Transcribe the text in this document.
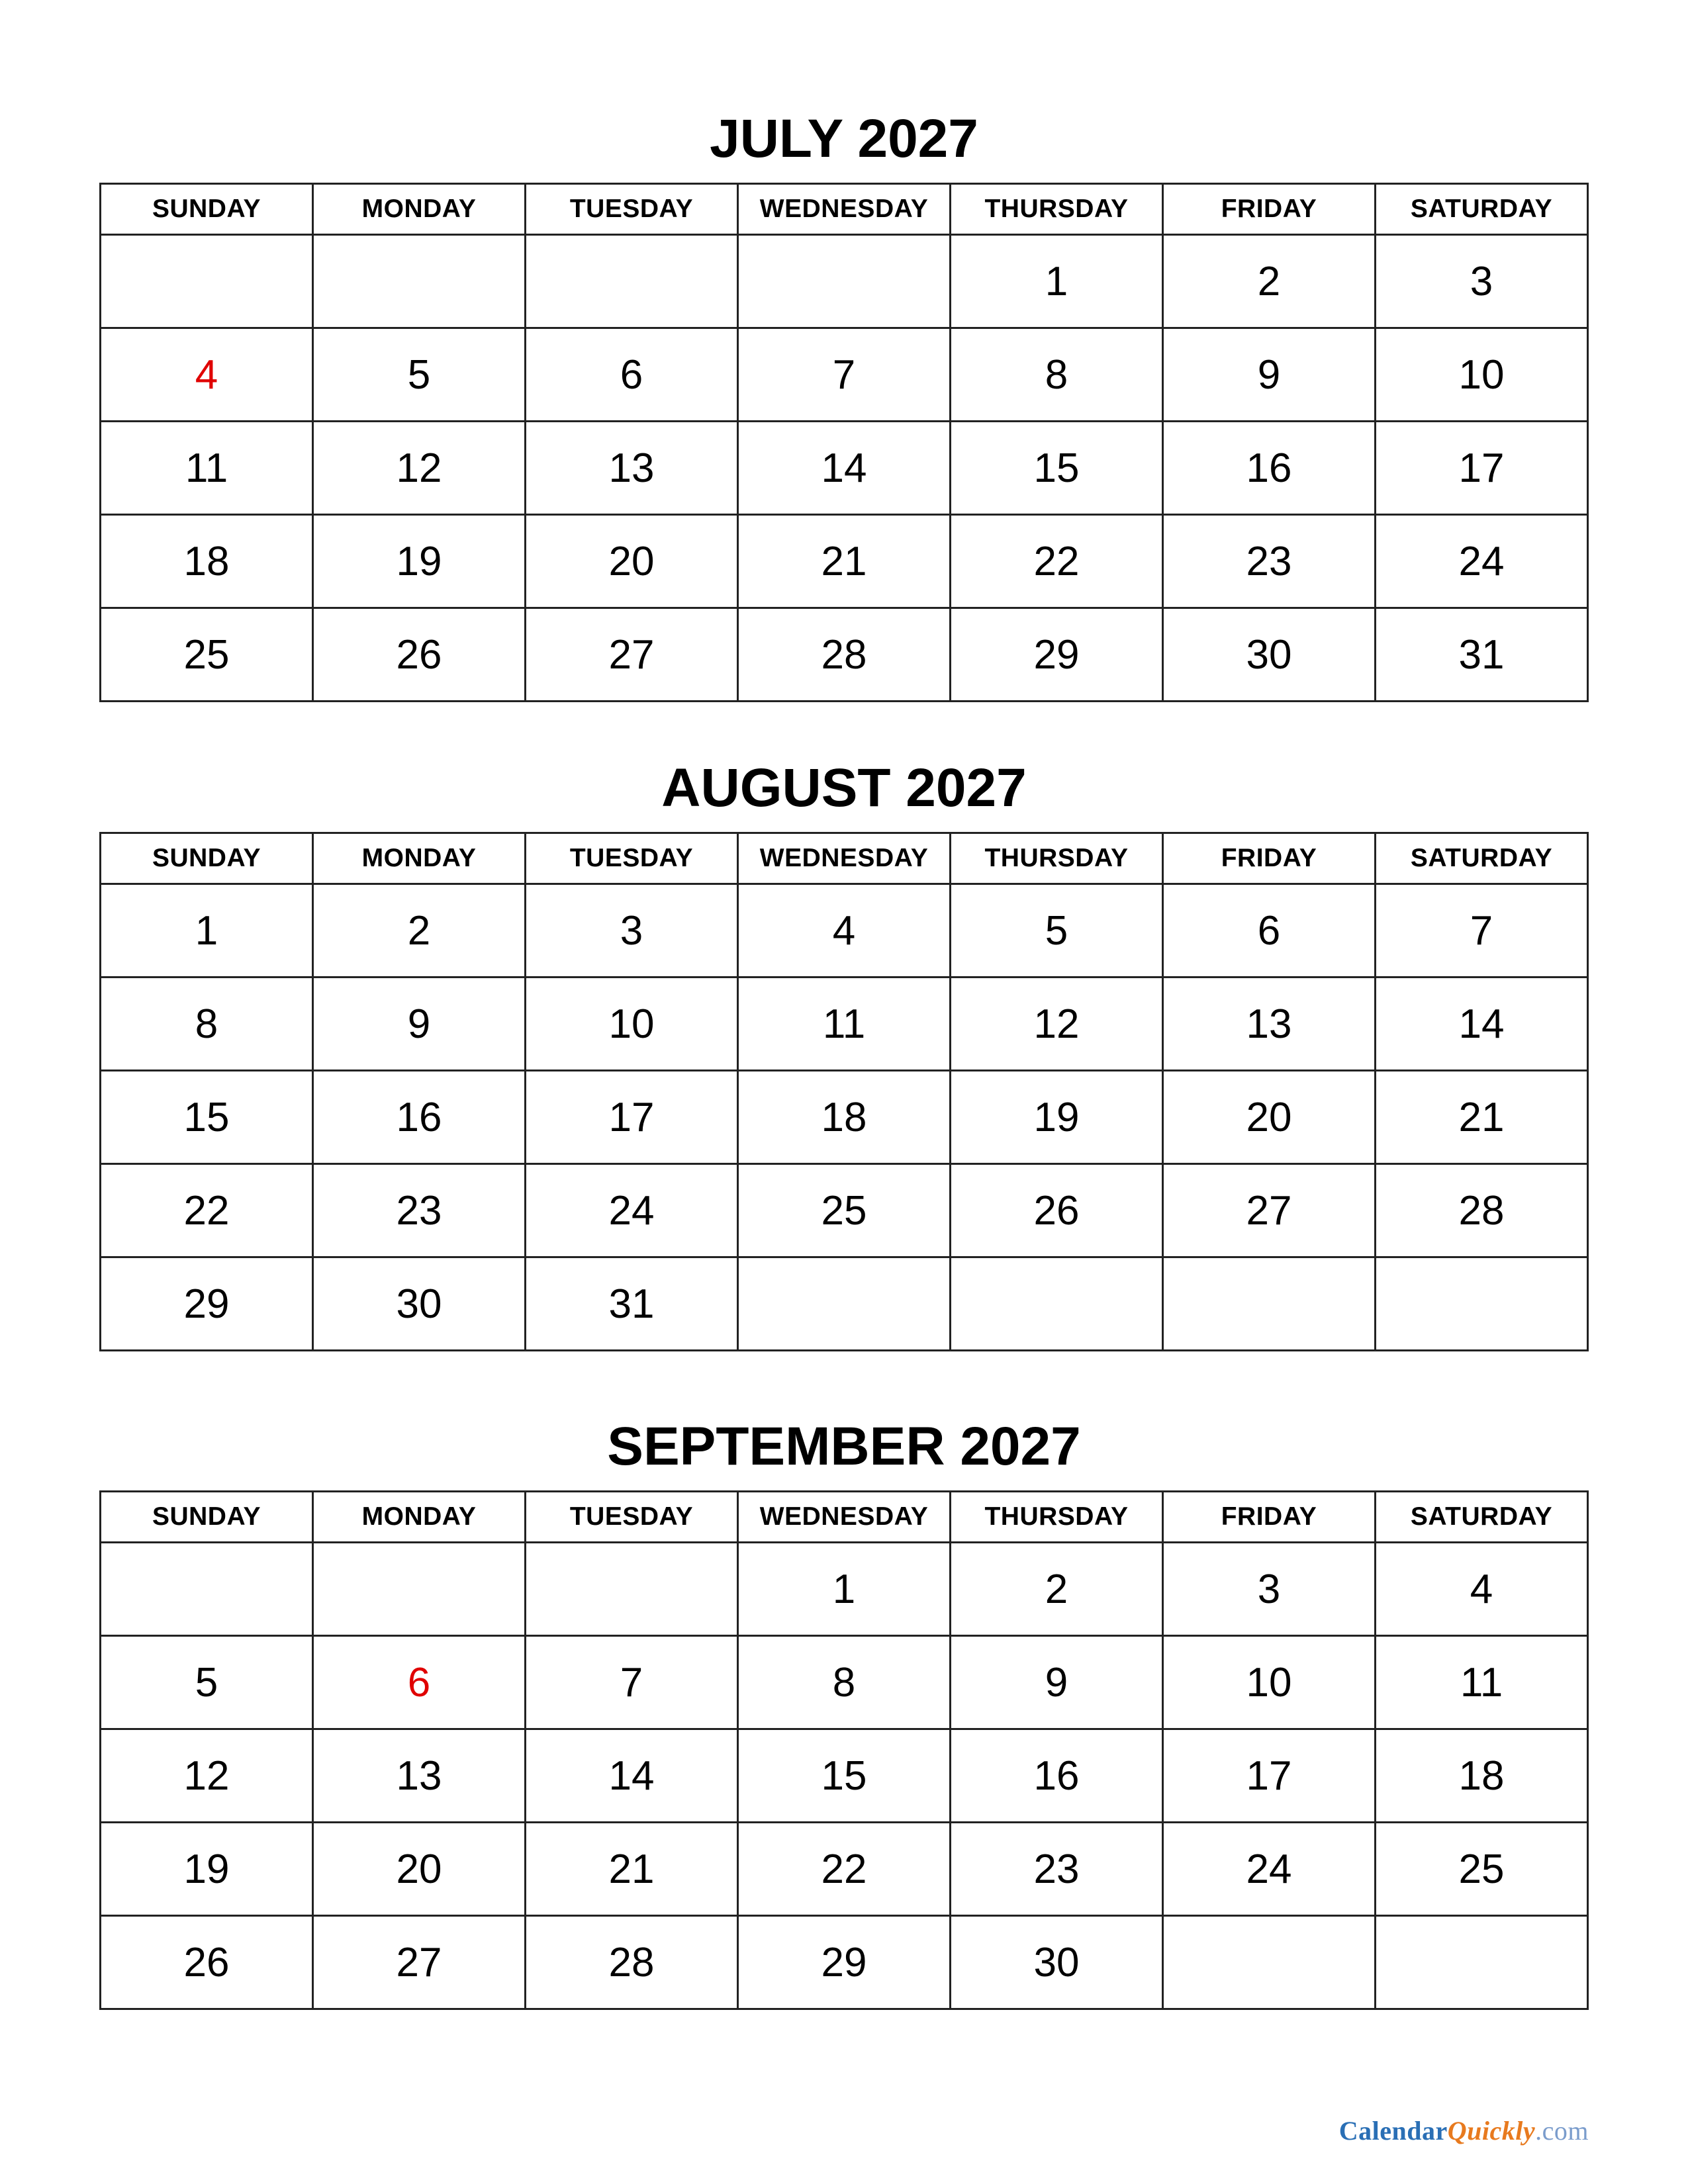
JULY 2027
SUNDAY	MONDAY	TUESDAY	WEDNESDAY	THURSDAY	FRIDAY	SATURDAY
				1	2	3
4	5	6	7	8	9	10
11	12	13	14	15	16	17
18	19	20	21	22	23	24
25	26	27	28	29	30	31
AUGUST 2027
SUNDAY	MONDAY	TUESDAY	WEDNESDAY	THURSDAY	FRIDAY	SATURDAY
1	2	3	4	5	6	7
8	9	10	11	12	13	14
15	16	17	18	19	20	21
22	23	24	25	26	27	28
29	30	31				
SEPTEMBER 2027
SUNDAY	MONDAY	TUESDAY	WEDNESDAY	THURSDAY	FRIDAY	SATURDAY
			1	2	3	4
5	6	7	8	9	10	11
12	13	14	15	16	17	18
19	20	21	22	23	24	25
26	27	28	29	30		
CalendarQuickly.com
